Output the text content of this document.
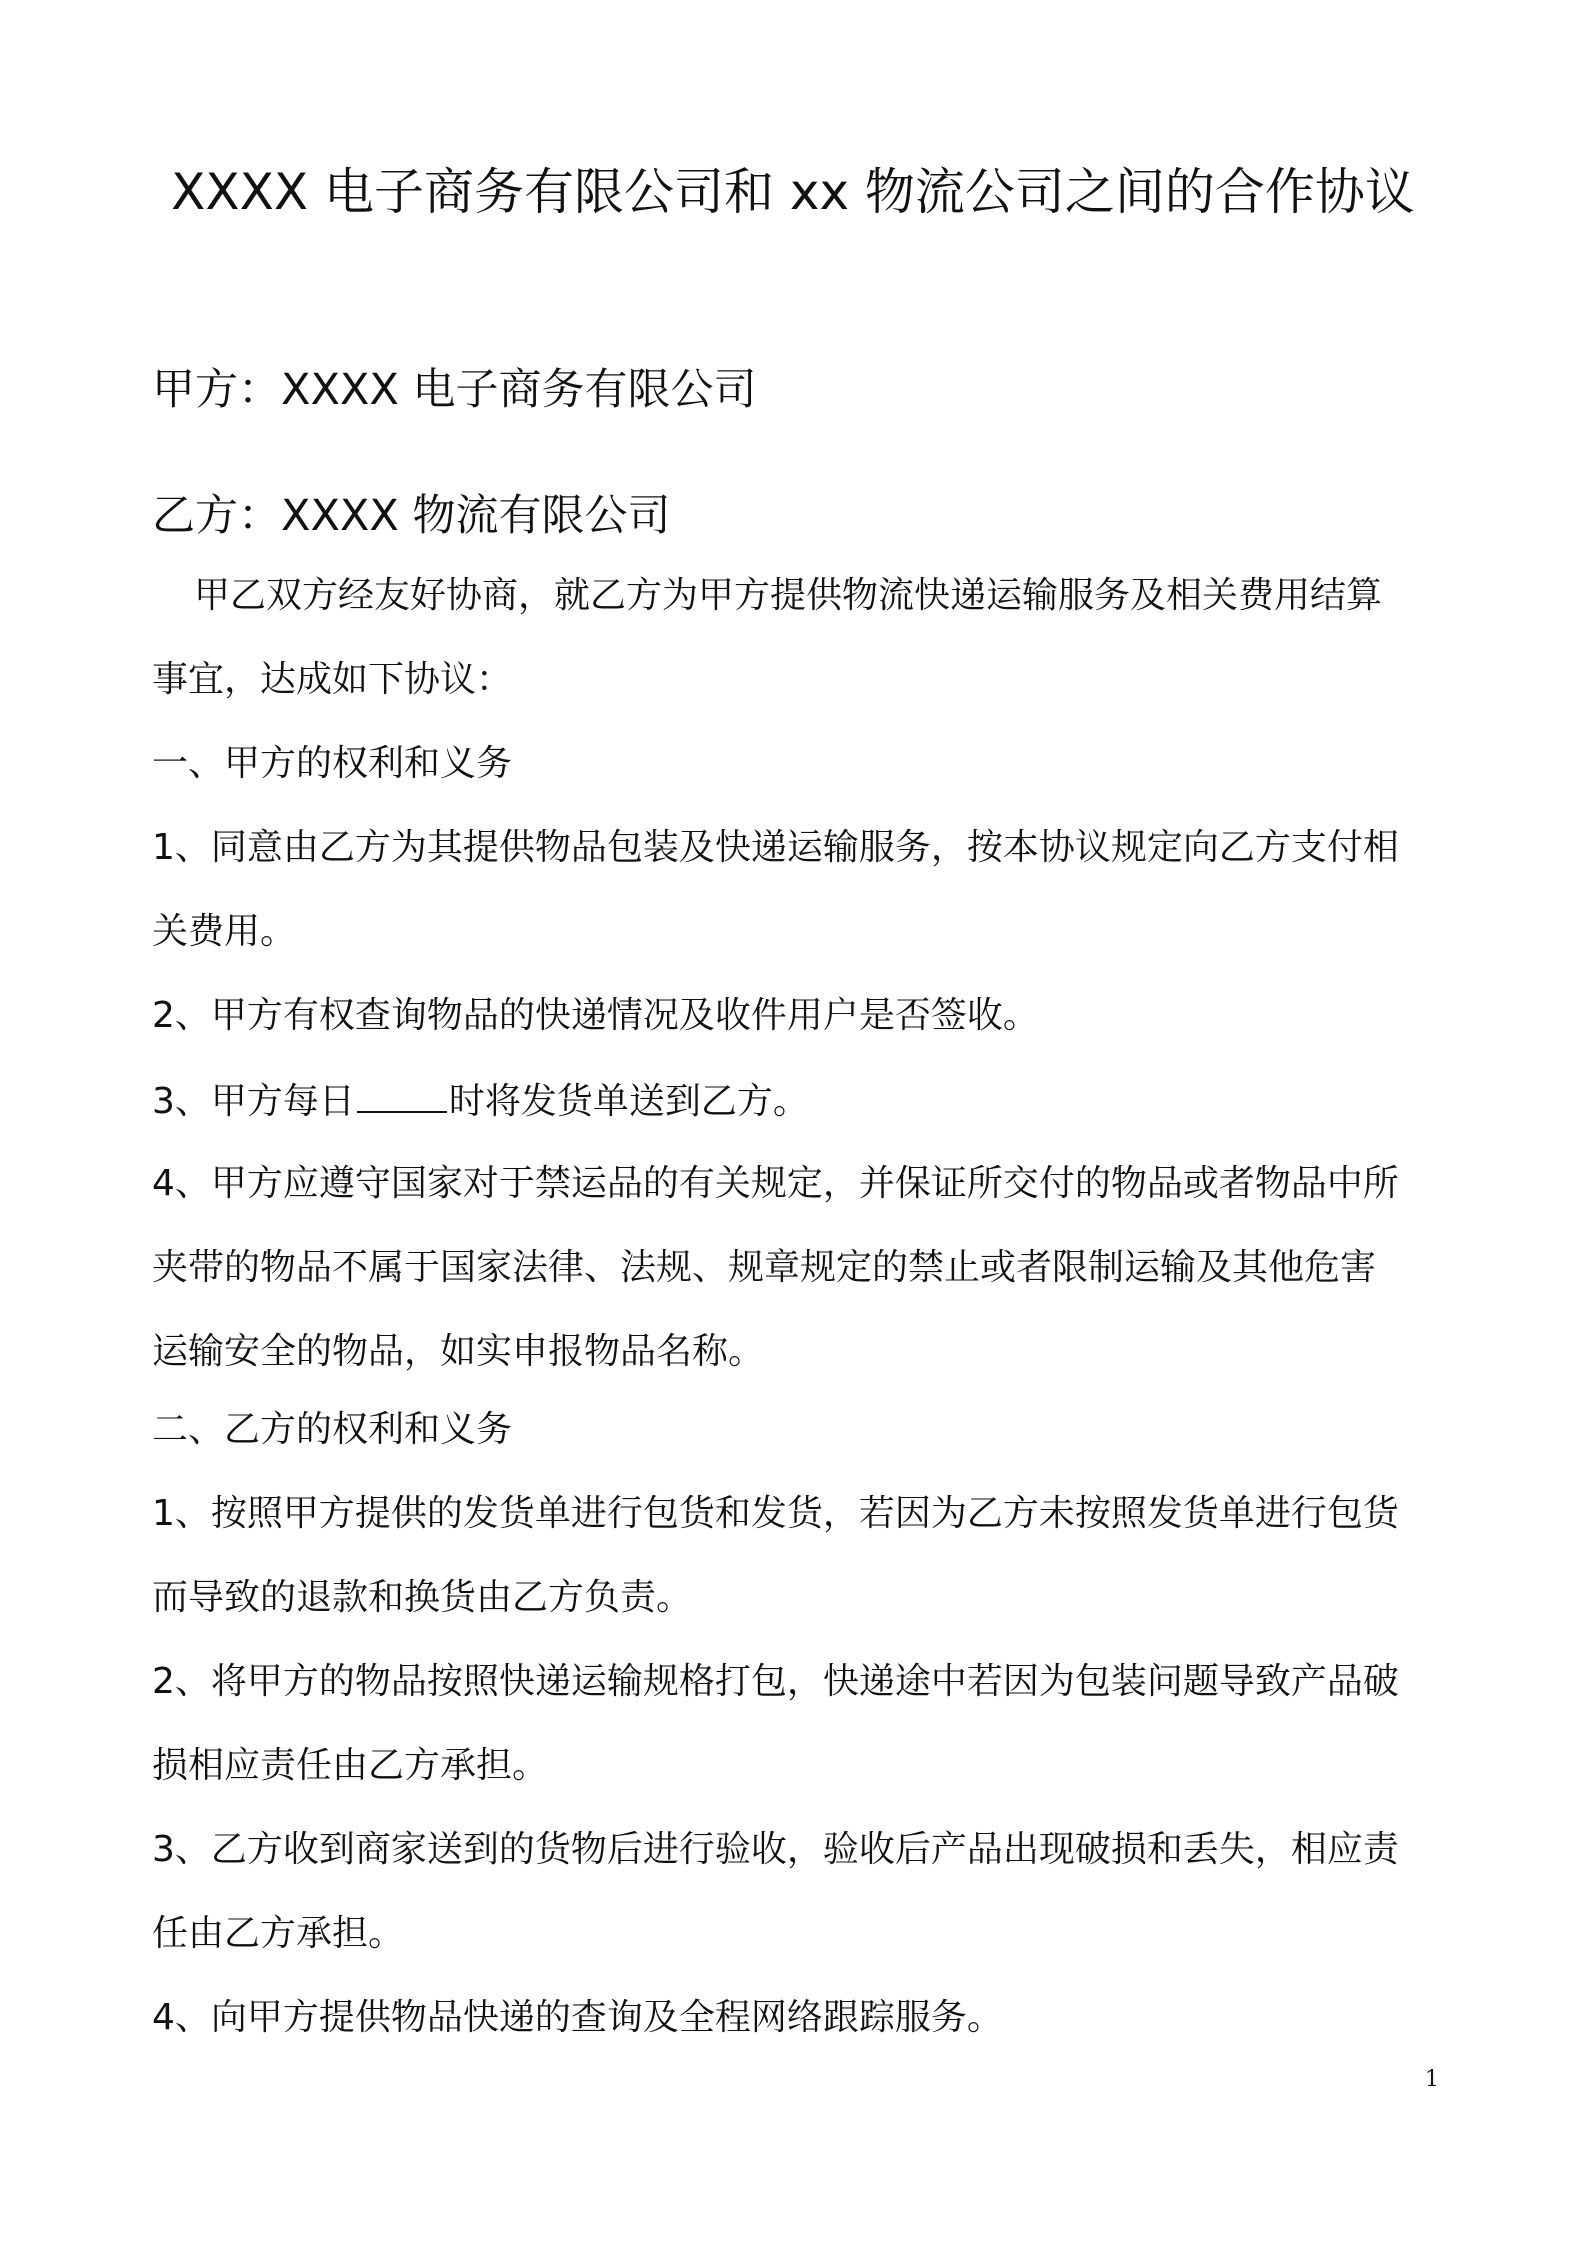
XXXX 电子商务有限公司和 xx 物流公司之间的合作协议
甲方：XXXX 电子商务有限公司
乙方：XXXX 物流有限公司
甲乙双方经友好协商，就乙方为甲方提供物流快递运输服务及相关费用结算
事宜，达成如下协议：
一、甲方的权利和义务
1、同意由乙方为其提供物品包装及快递运输服务，按本协议规定向乙方支付相
关费用。
2、甲方有权查询物品的快递情况及收件用户是否签收。
3、甲方每日	时将发货单送到乙方。
4、甲方应遵守国家对于禁运品的有关规定，并保证所交付的物品或者物品中所
夹带的物品不属于国家法律、法规、规章规定的禁止或者限制运输及其他危害
运输安全的物品，如实申报物品名称。
二、乙方的权利和义务
1、按照甲方提供的发货单进行包货和发货，若因为乙方未按照发货单进行包货
而导致的退款和换货由乙方负责。
2、将甲方的物品按照快递运输规格打包，快递途中若因为包装问题导致产品破
损相应责任由乙方承担。
3、乙方收到商家送到的货物后进行验收，验收后产品出现破损和丢失，相应责
任由乙方承担。
4、向甲方提供物品快递的查询及全程网络跟踪服务。
1
